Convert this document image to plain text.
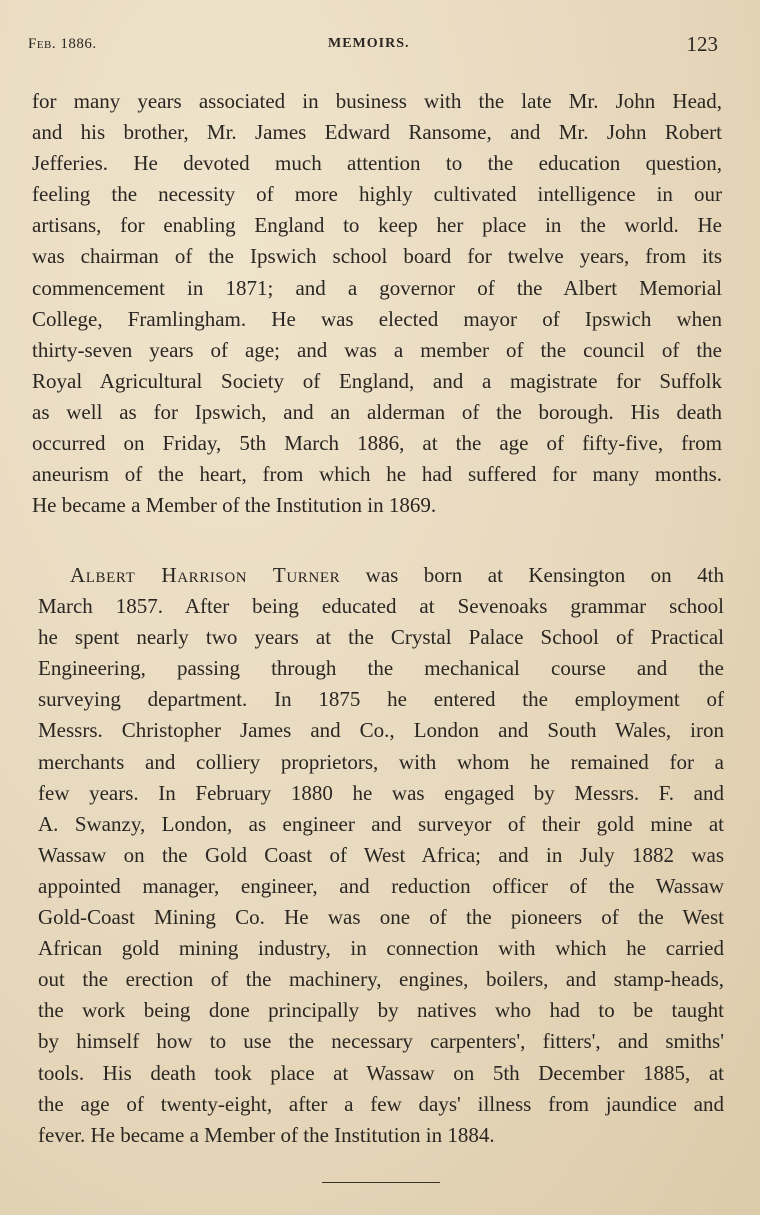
Feb. 1886.	MEMOIRS.	123
for many years associated in business with the late Mr. John Head,
and his brother, Mr. James Edward Ransome, and Mr. John Robert
Jefferies. He devoted much attention to the education question,
feeling the necessity of more highly cultivated intelligence in our
artisans, for enabling England to keep her place in the world. He
was chairman of the Ipswich school board for twelve years, from its
commencement in 1871; and a governor of the Albert Memorial
College, Framlingham. He was elected mayor of Ipswich when
thirty-seven years of age; and was a member of the council of the
Royal Agricultural Society of England, and a magistrate for Suffolk
as well as for Ipswich, and an alderman of the borough. His death
occurred on Friday, 5th March 1886, at the age of fifty-five, from
aneurism of the heart, from which he had suffered for many months.
He became a Member of the Institution in 1869.
Albert Harrison Turner was born at Kensington on 4th
March 1857. After being educated at Sevenoaks grammar school
he spent nearly two years at the Crystal Palace School of Practical
Engineering, passing through the mechanical course and the
surveying department. In 1875 he entered the employment of
Messrs. Christopher James and Co., London and South Wales, iron
merchants and colliery proprietors, with whom he remained for a
few years. In February 1880 he was engaged by Messrs. F. and
A. Swanzy, London, as engineer and surveyor of their gold mine at
Wassaw on the Gold Coast of West Africa; and in July 1882 was
appointed manager, engineer, and reduction officer of the Wassaw
Gold-Coast Mining Co. He was one of the pioneers of the West
African gold mining industry, in connection with which he carried
out the erection of the machinery, engines, boilers, and stamp-heads,
the work being done principally by natives who had to be taught
by himself how to use the necessary carpenters', fitters', and smiths'
tools. His death took place at Wassaw on 5th December 1885, at
the age of twenty-eight, after a few days' illness from jaundice and
fever. He became a Member of the Institution in 1884.
